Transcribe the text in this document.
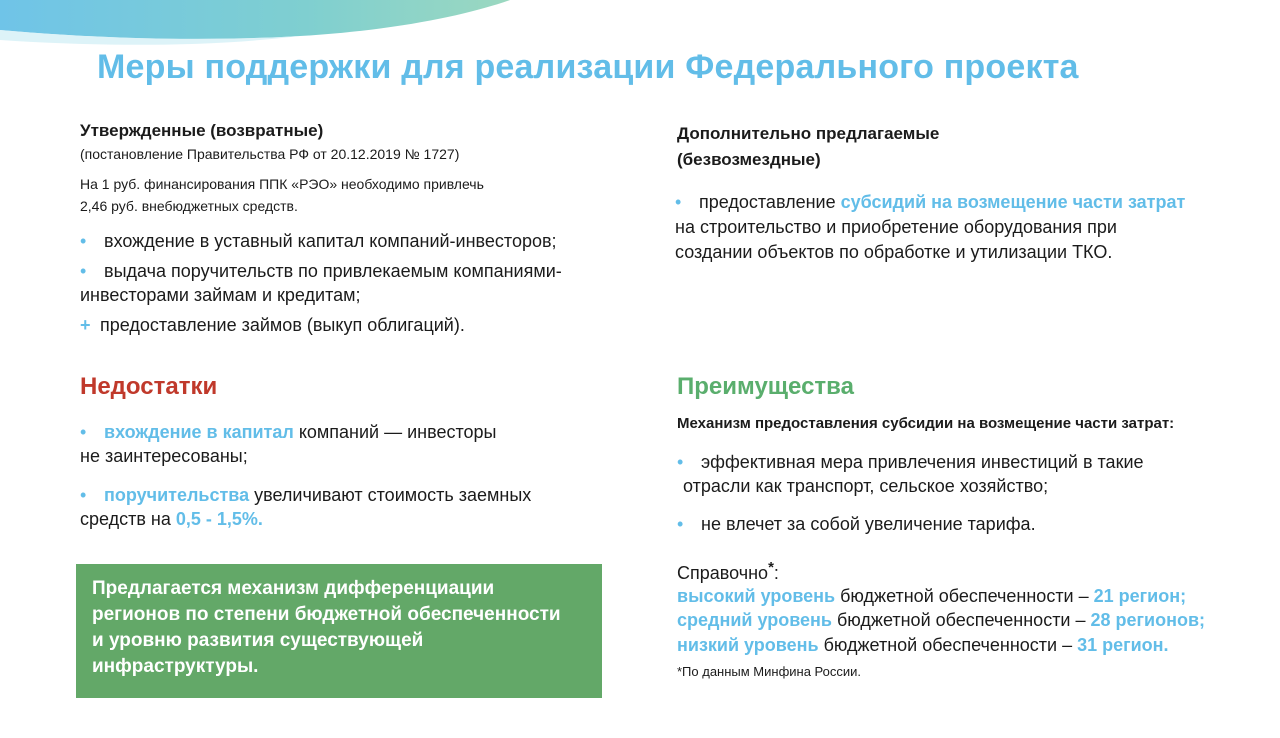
Меры поддержки для реализации Федерального проекта
Утвержденные (возвратные)
(постановление Правительства РФ от 20.12.2019 № 1727)
На 1 руб. финансирования ППК «РЭО» необходимо привлечь
2,46 руб. внебюджетных средств.
• вхождение в уставный капитал компаний-инвесторов;
• выдача поручительств по привлекаемым компаниями-
инвесторами займам и кредитам;
+ предоставление займов (выкуп облигаций).
Недостатки
• вхождение в капитал компаний — инвесторы
не заинтересованы;
• поручительства увеличивают стоимость заемных
средств на 0,5 - 1,5%.
Предлагается механизм дифференциации
регионов по степени бюджетной обеспеченности
и уровню развития существующей
инфраструктуры.
Дополнительно предлагаемые
(безвозмездные)
• предоставление субсидий на возмещение части затрат
на строительство и приобретение оборудования при
создании объектов по обработке и утилизации ТКО.
Преимущества
Механизм предоставления субсидии на возмещение части затрат:
• эффективная мера привлечения инвестиций в такие
отрасли как транспорт, сельское хозяйство;
• не влечет за собой увеличение тарифа.
Справочно*:
высокий уровень бюджетной обеспеченности – 21 регион;
средний уровень бюджетной обеспеченности – 28 регионов;
низкий уровень бюджетной обеспеченности – 31 регион.
*По данным Минфина России.
